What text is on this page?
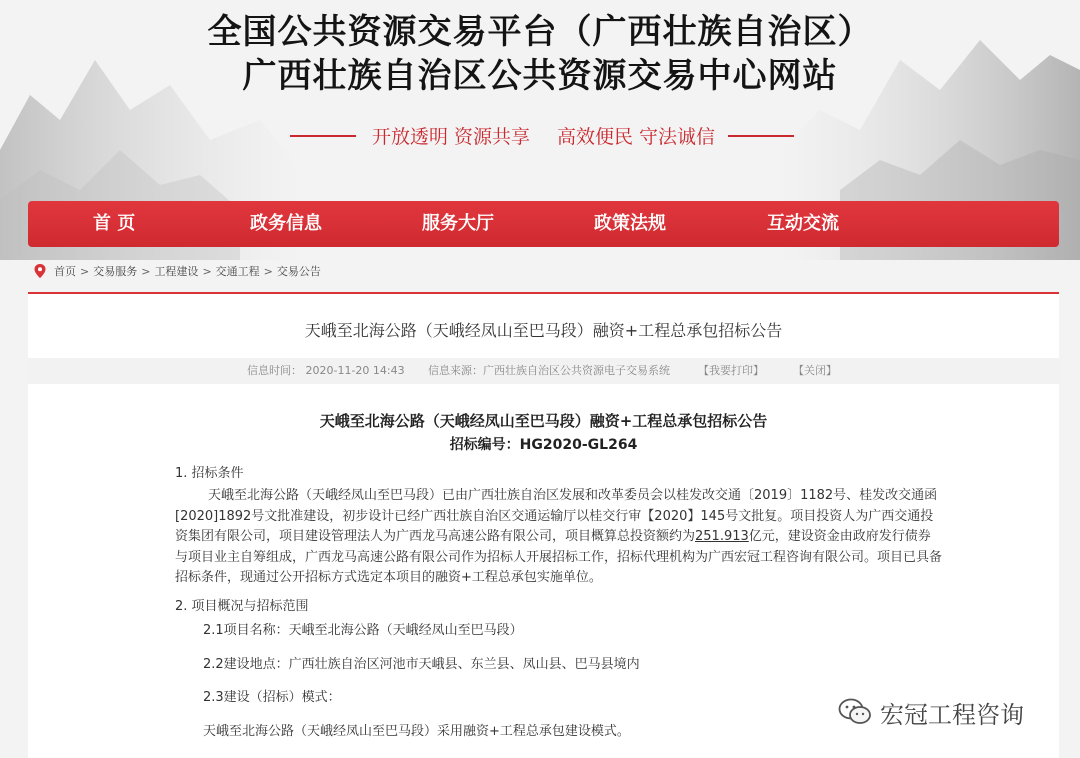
全国公共资源交易平台（广西壮族自治区）
广西壮族自治区公共资源交易中心网站
开放透明 资源共享 高效便民 守法诚信
首 页	政务信息	服务大厅	政策法规	互动交流
首页 > 交易服务 > 工程建设 > 交通工程 > 交易公告
天峨至北海公路（天峨经凤山至巴马段）融资+工程总承包招标公告
信息时间： 2020-11-20 14:43 信息来源：广西壮族自治区公共资源电子交易系统	【我要打印】	【关闭】
天峨至北海公路（天峨经凤山至巴马段）融资+工程总承包招标公告
招标编号：HG2020-GL264
1. 招标条件
天峨至北海公路（天峨经凤山至巴马段）已由广西壮族自治区发展和改革委员会以桂发改交通〔2019〕1182号、桂发改交通函[2020]1892号文批准建设，初步设计已经广西壮族自治区交通运输厅以桂交行审【2020】145号文批复。项目投资人为广西交通投资集团有限公司，项目建设管理法人为广西龙马高速公路有限公司，项目概算总投资额约为251.913亿元，建设资金由政府发行债券与项目业主自筹组成，广西龙马高速公路有限公司作为招标人开展招标工作，招标代理机构为广西宏冠工程咨询有限公司。项目已具备招标条件，现通过公开招标方式选定本项目的融资+工程总承包实施单位。
2. 项目概况与招标范围
2.1项目名称：天峨至北海公路（天峨经凤山至巴马段）
2.2建设地点：广西壮族自治区河池市天峨县、东兰县、凤山县、巴马县境内
2.3建设（招标）模式：
天峨至北海公路（天峨经凤山至巴马段）采用融资+工程总承包建设模式。
宏冠工程咨询
